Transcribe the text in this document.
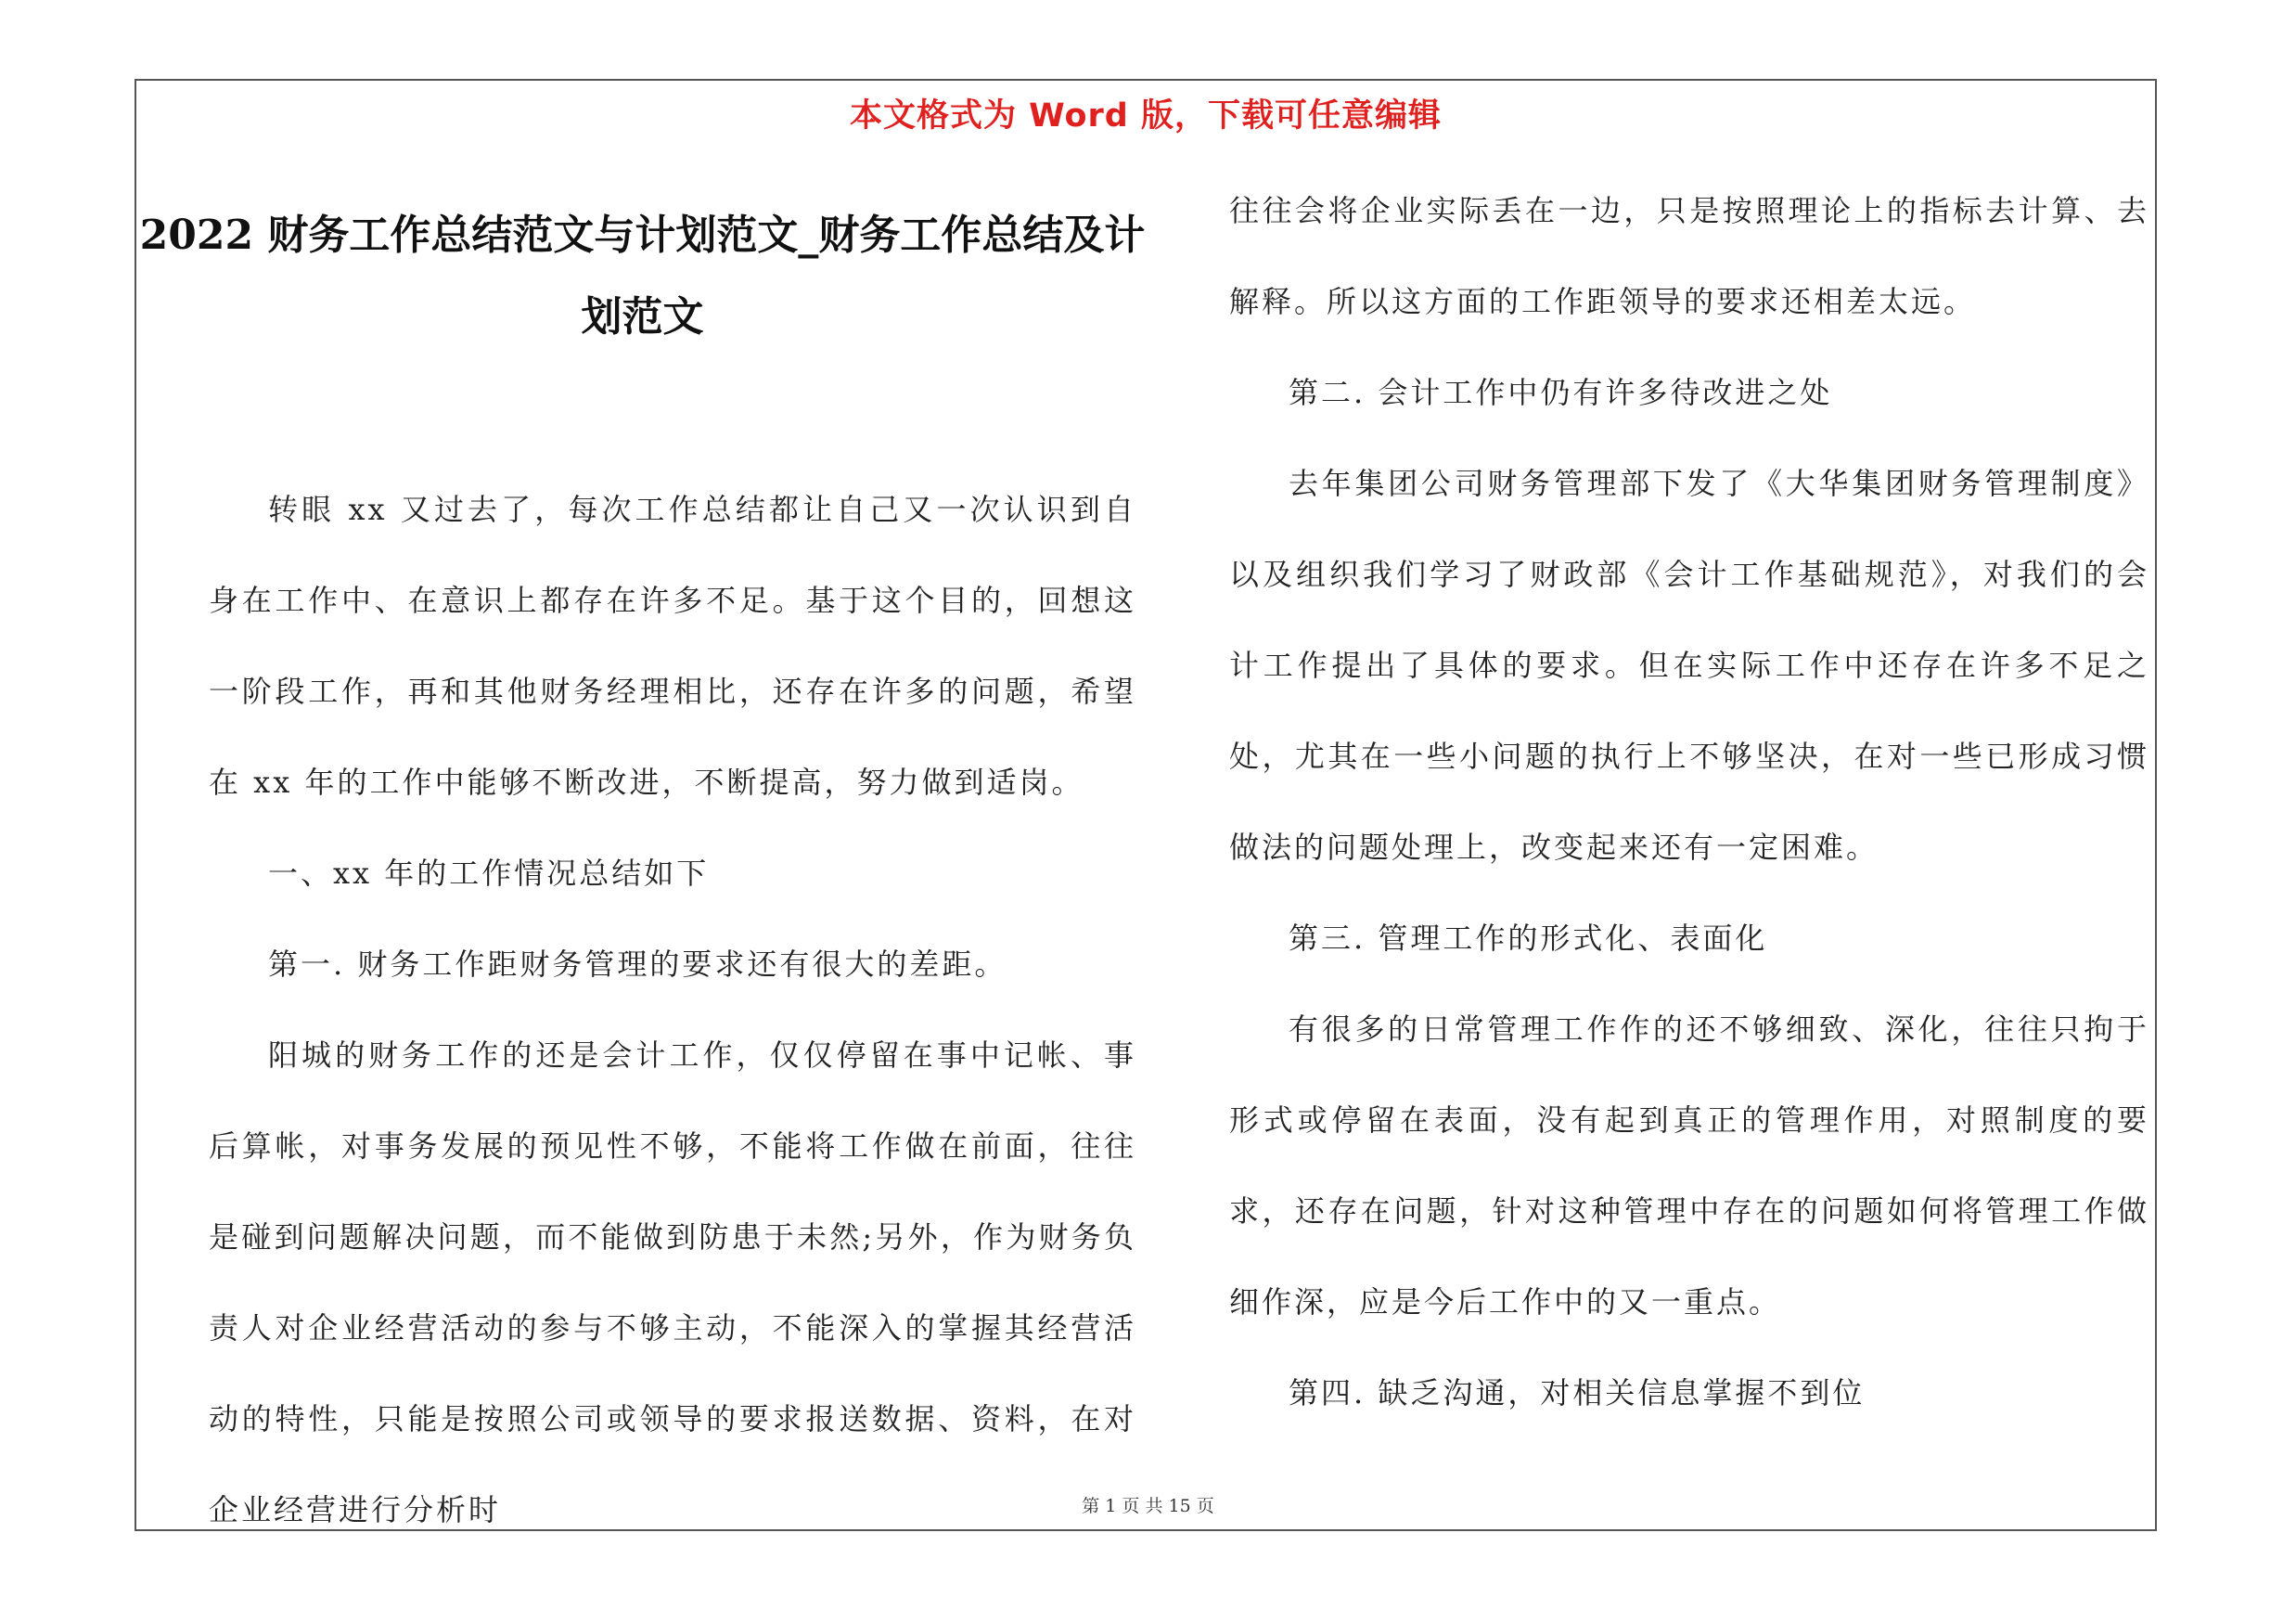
本文格式为 Word 版，下载可任意编辑
2022 财务工作总结范文与计划范文_财务工作总结及计划范文

转眼 xx 又过去了，每次工作总结都让自己又一次认识到自身在工作中、在意识上都存在许多不足。基于这个目的，回想这一阶段工作，再和其他财务经理相比，还存在许多的问题，希望在 xx 年的工作中能够不断改进，不断提高，努力做到适岗。

一、xx 年的工作情况总结如下

第一. 财务工作距财务管理的要求还有很大的差距。

阳城的财务工作的还是会计工作，仅仅停留在事中记帐、事后算帐，对事务发展的预见性不够，不能将工作做在前面，往往是碰到问题解决问题，而不能做到防患于未然;另外，作为财务负责人对企业经营活动的参与不够主动，不能深入的掌握其经营活动的特性，只能是按照公司或领导的要求报送数据、资料，在对企业经营进行分析时

往往会将企业实际丢在一边，只是按照理论上的指标去计算、去解释。所以这方面的工作距领导的要求还相差太远。

第二. 会计工作中仍有许多待改进之处

去年集团公司财务管理部下发了《大华集团财务管理制度》以及组织我们学习了财政部《会计工作基础规范》，对我们的会计工作提出了具体的要求。但在实际工作中还存在许多不足之处，尤其在一些小问题的执行上不够坚决，在对一些已形成习惯做法的问题处理上，改变起来还有一定困难。

第三. 管理工作的形式化、表面化

有很多的日常管理工作作的还不够细致、深化，往往只拘于形式或停留在表面，没有起到真正的管理作用，对照制度的要求，还存在问题，针对这种管理中存在的问题如何将管理工作做细作深，应是今后工作中的又一重点。

第四. 缺乏沟通，对相关信息掌握不到位

第 1 页 共 15 页
